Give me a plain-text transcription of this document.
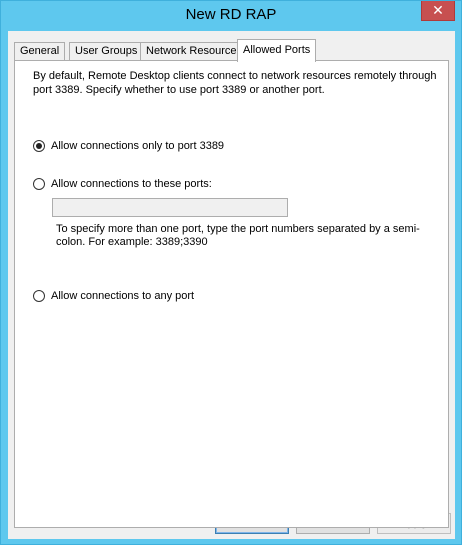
New RD RAP	✕
General	User Groups Network Resource Allowed Ports
By default, Remote Desktop clients connect to network resources remotely through port 3389. Specify whether to use port 3389 or another port.
Allow connections only to port 3389
Allow connections to these ports:
To specify more than one port, type the port numbers separated by a semi-colon. For example: 3389;3390
Allow connections to any port
